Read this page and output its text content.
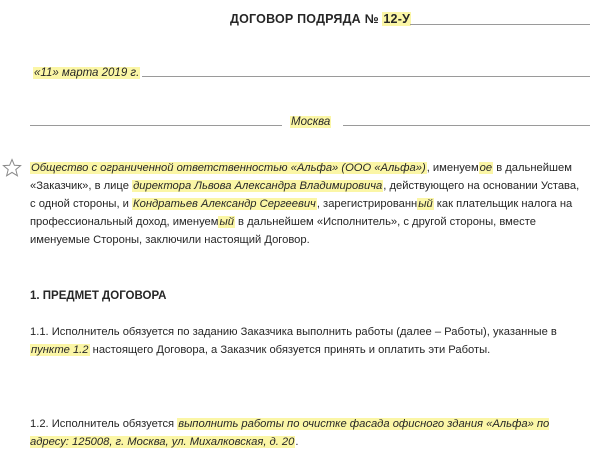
ДОГОВОР ПОДРЯДА № 12-У
«11» марта 2019 г.
Москва
Общество с ограниченной ответственностью «Альфа» (ООО «Альфа»), именуемое в дальнейшем «Заказчик», в лице директора Львова Александра Владимировича, действующего на основании Устава, с одной стороны, и Кондратьев Александр Сергеевич, зарегистрированный как плательщик налога на профессиональный доход, именуемый в дальнейшем «Исполнитель», с другой стороны, вместе именуемые Стороны, заключили настоящий Договор.
1. ПРЕДМЕТ ДОГОВОРА
1.1. Исполнитель обязуется по заданию Заказчика выполнить работы (далее – Работы), указанные в пункте 1.2 настоящего Договора, а Заказчик обязуется принять и оплатить эти Работы.
1.2. Исполнитель обязуется выполнить работы по очистке фасада офисного здания «Альфа» по адресу: 125008, г. Москва, ул. Михалковская, д. 20.
